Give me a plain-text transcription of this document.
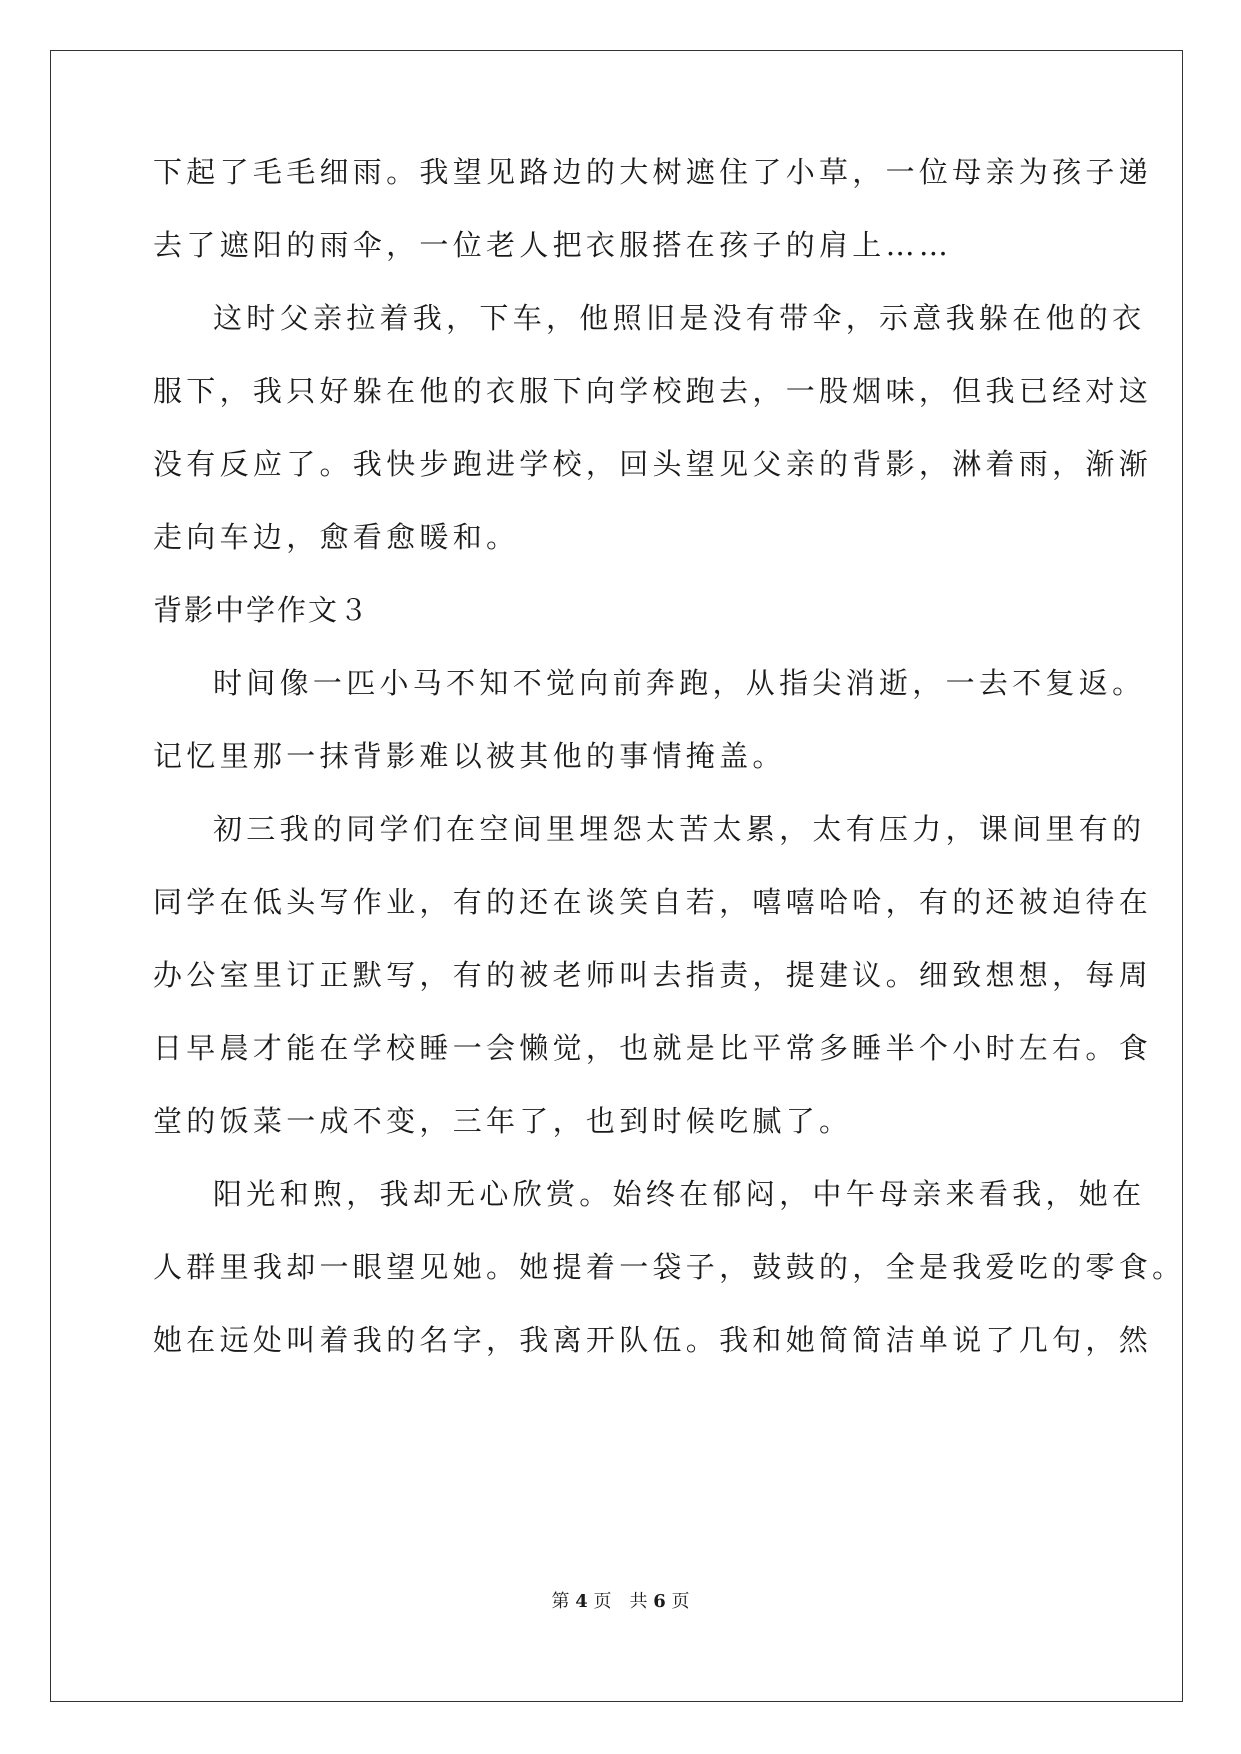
下起了毛毛细雨。我望见路边的大树遮住了小草，一位母亲为孩子递
去了遮阳的雨伞，一位老人把衣服搭在孩子的肩上……
这时父亲拉着我，下车，他照旧是没有带伞，示意我躲在他的衣
服下，我只好躲在他的衣服下向学校跑去，一股烟味，但我已经对这
没有反应了。我快步跑进学校，回头望见父亲的背影，淋着雨，渐渐
走向车边，愈看愈暖和。
背影中学作文３
时间像一匹小马不知不觉向前奔跑，从指尖消逝，一去不复返。
记忆里那一抹背影难以被其他的事情掩盖。
初三我的同学们在空间里埋怨太苦太累，太有压力，课间里有的
同学在低头写作业，有的还在谈笑自若，嘻嘻哈哈，有的还被迫待在
办公室里订正默写，有的被老师叫去指责，提建议。细致想想，每周
日早晨才能在学校睡一会懒觉，也就是比平常多睡半个小时左右。食
堂的饭菜一成不变，三年了，也到时候吃腻了。
阳光和煦，我却无心欣赏。始终在郁闷，中午母亲来看我，她在
人群里我却一眼望见她。她提着一袋子，鼓鼓的，全是我爱吃的零食。
她在远处叫着我的名字，我离开队伍。我和她简简洁单说了几句，然
第 4 页　共 6 页
